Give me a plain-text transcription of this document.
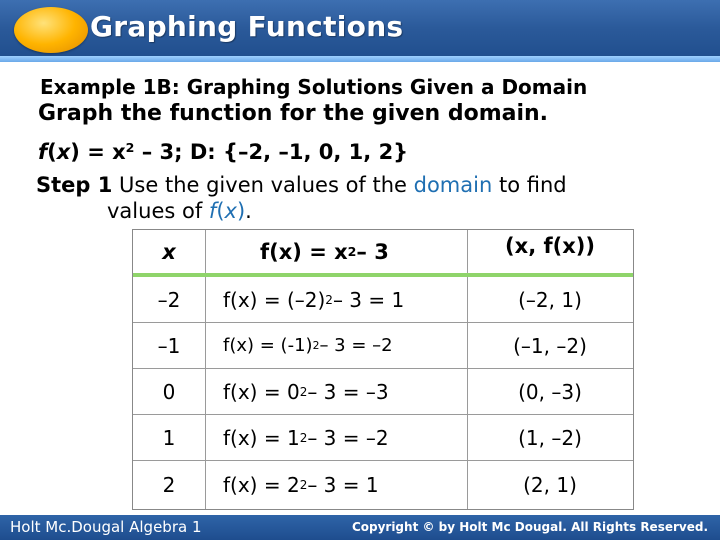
Graphing Functions
Example 1B: Graphing Solutions Given a Domain
Graph the function for the given domain.
$f(x) = x^2 - 3$; D: {–2, –1, 0, 1, 2}
Step 1 Use the given values of the domain to find
values of f(x).
x	f(x) = x 2 – 3	(x, f(x))
–2	f(x) = (–2) 2 – 3 = 1	(–2, 1)
–1	f(x) = (-1) 2 – 3 = –2	(–1, –2)
0	f(x) = 0 2 – 3 = –3	(0, –3)
1	f(x) = 1 2 – 3 = –2	(1, –2)
2	f(x) = 2 2 – 3 = 1	(2, 1)
Holt Mc.Dougal Algebra 1	Copyright © by Holt Mc Dougal. All Rights Reserved.
